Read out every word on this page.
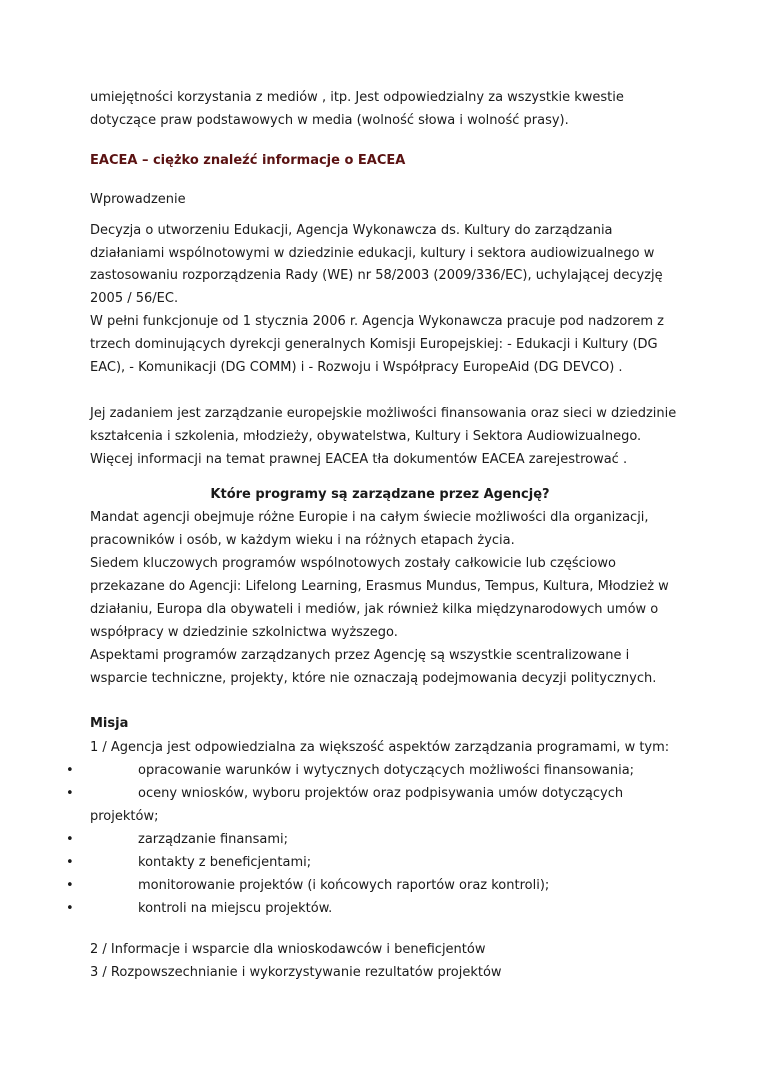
umiejętności korzystania z mediów , itp. Jest odpowiedzialny za wszystkie kwestie
dotyczące praw podstawowych w media (wolność słowa i wolność prasy).
EACEA – ciężko znaleźć informacje o EACEA
Wprowadzenie
Decyzja o utworzeniu Edukacji, Agencja Wykonawcza ds. Kultury do zarządzania
działaniami wspólnotowymi w dziedzinie edukacji, kultury i sektora audiowizualnego w
zastosowaniu rozporządzenia Rady (WE) nr 58/2003 (2009/336/EC), uchylającej decyzję
2005 / 56/EC.
W pełni funkcjonuje od 1 stycznia 2006 r. Agencja Wykonawcza pracuje pod nadzorem z
trzech dominujących dyrekcji generalnych Komisji Europejskiej: - Edukacji i Kultury (DG
EAC), - Komunikacji (DG COMM) i - Rozwoju i Współpracy EuropeAid (DG DEVCO) .
Jej zadaniem jest zarządzanie europejskie możliwości finansowania oraz sieci w dziedzinie
kształcenia i szkolenia, młodzieży, obywatelstwa, Kultury i Sektora Audiowizualnego.
Więcej informacji na temat prawnej EACEA tła dokumentów EACEA zarejestrować .
Które programy są zarządzane przez Agencję?
Mandat agencji obejmuje różne Europie i na całym świecie możliwości dla organizacji,
pracowników i osób, w każdym wieku i na różnych etapach życia.
Siedem kluczowych programów wspólnotowych zostały całkowicie lub częściowo
przekazane do Agencji: Lifelong Learning, Erasmus Mundus, Tempus, Kultura, Młodzież w
działaniu, Europa dla obywateli i mediów, jak również kilka międzynarodowych umów o
współpracy w dziedzinie szkolnictwa wyższego.
Aspektami programów zarządzanych przez Agencję są wszystkie scentralizowane i
wsparcie techniczne, projekty, które nie oznaczają podejmowania decyzji politycznych.
Misja
1 / Agencja jest odpowiedzialna za większość aspektów zarządzania programami, w tym:
•	opracowanie warunków i wytycznych dotyczących możliwości finansowania;
•	oceny wniosków, wyboru projektów oraz podpisywania umów dotyczących
projektów;
•	zarządzanie finansami;
•	kontakty z beneficjentami;
•	monitorowanie projektów (i końcowych raportów oraz kontroli);
•	kontroli na miejscu projektów.
2 / Informacje i wsparcie dla wnioskodawców i beneficjentów
3 / Rozpowszechnianie i wykorzystywanie rezultatów projektów
